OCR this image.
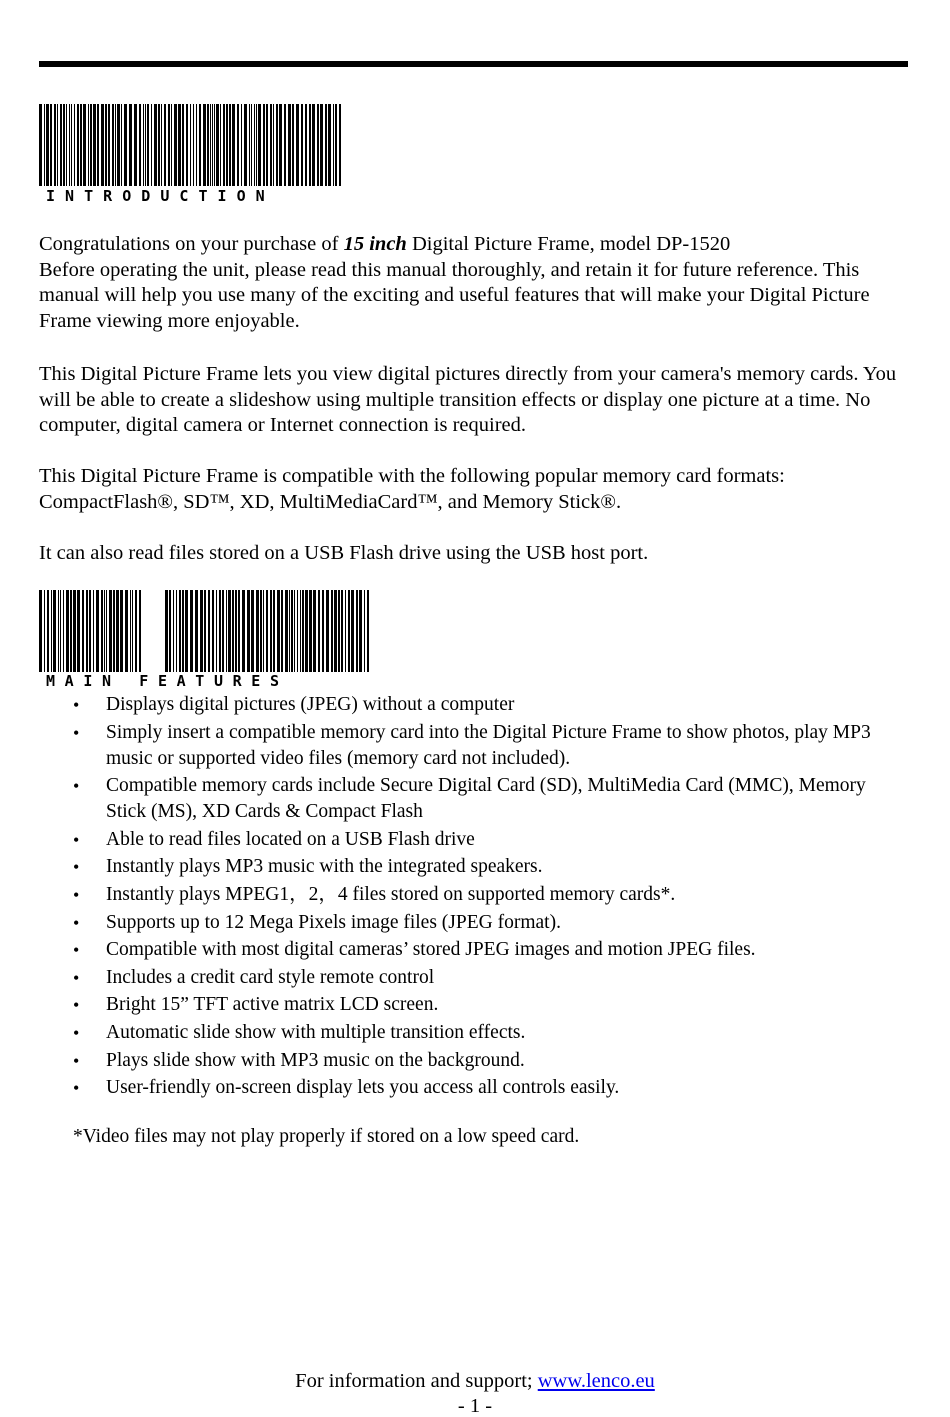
I N T R O D U C T I O N

Congratulations on your purchase of 15 inch Digital Picture Frame, model DP-1520
Before operating the unit, please read this manual thoroughly, and retain it for future reference. This manual will help you use many of the exciting and useful features that will make your Digital Picture Frame viewing more enjoyable.

This Digital Picture Frame lets you view digital pictures directly from your camera's memory cards. You will be able to create a slideshow using multiple transition effects or display one picture at a time. No computer, digital camera or Internet connection is required.

This Digital Picture Frame is compatible with the following popular memory card formats: CompactFlash®, SD™, XD, MultiMediaCard™, and Memory Stick®.

It can also read files stored on a USB Flash drive using the USB host port.

M A I N   F E A T U R E S
• Displays digital pictures (JPEG) without a computer
• Simply insert a compatible memory card into the Digital Picture Frame to show photos, play MP3 music or supported video files (memory card not included).
• Compatible memory cards include Secure Digital Card (SD), MultiMedia Card (MMC), Memory Stick (MS), XD Cards & Compact Flash
• Able to read files located on a USB Flash drive
• Instantly plays MP3 music with the integrated speakers.
• Instantly plays MPEG1，2，4 files stored on supported memory cards*.
• Supports up to 12 Mega Pixels image files (JPEG format).
• Compatible with most digital cameras’ stored JPEG images and motion JPEG files.
• Includes a credit card style remote control
• Bright 15” TFT active matrix LCD screen.
• Automatic slide show with multiple transition effects.
• Plays slide show with MP3 music on the background.
• User-friendly on-screen display lets you access all controls easily.

*Video files may not play properly if stored on a low speed card.

For information and support; www.lenco.eu

- 1 -
